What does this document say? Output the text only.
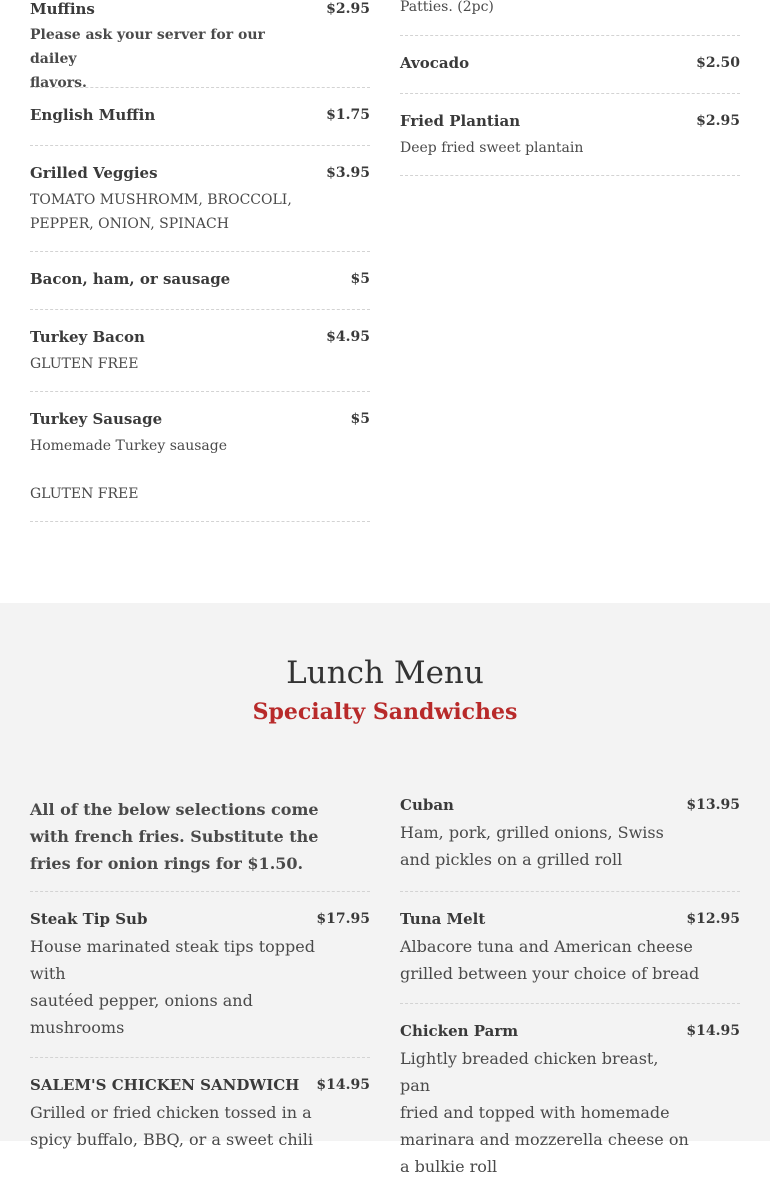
Muffins	$2.95
Please ask your server for our dailey
flavors.
English Muffin	$1.75
Grilled Veggies	$3.95
TOMATO MUSHROMM, BROCCOLI,
PEPPER, ONION, SPINACH
Bacon, ham, or sausage	$5
Turkey Bacon	$4.95
GLUTEN FREE
Turkey Sausage	$5
Homemade Turkey sausage
GLUTEN FREE
Patties. (2pc)
Avocado	$2.50
Fried Plantian	$2.95
Deep fried sweet plantain
Lunch Menu
Specialty Sandwiches
All of the below selections come
with french fries. Substitute the
fries for onion rings for $1.50.
Steak Tip Sub	$17.95
House marinated steak tips topped
with
sautéed pepper, onions and
mushrooms
SALEM'S CHICKEN SANDWICH $14.95
Grilled or fried chicken tossed in a
spicy buffalo, BBQ, or a sweet chili
Cuban	$13.95
Ham, pork, grilled onions, Swiss
and pickles on a grilled roll
Tuna Melt	$12.95
Albacore tuna and American cheese
grilled between your choice of bread
Chicken Parm	$14.95
Lightly breaded chicken breast, pan
fried and topped with homemade
marinara and mozzerella cheese on
a bulkie roll
